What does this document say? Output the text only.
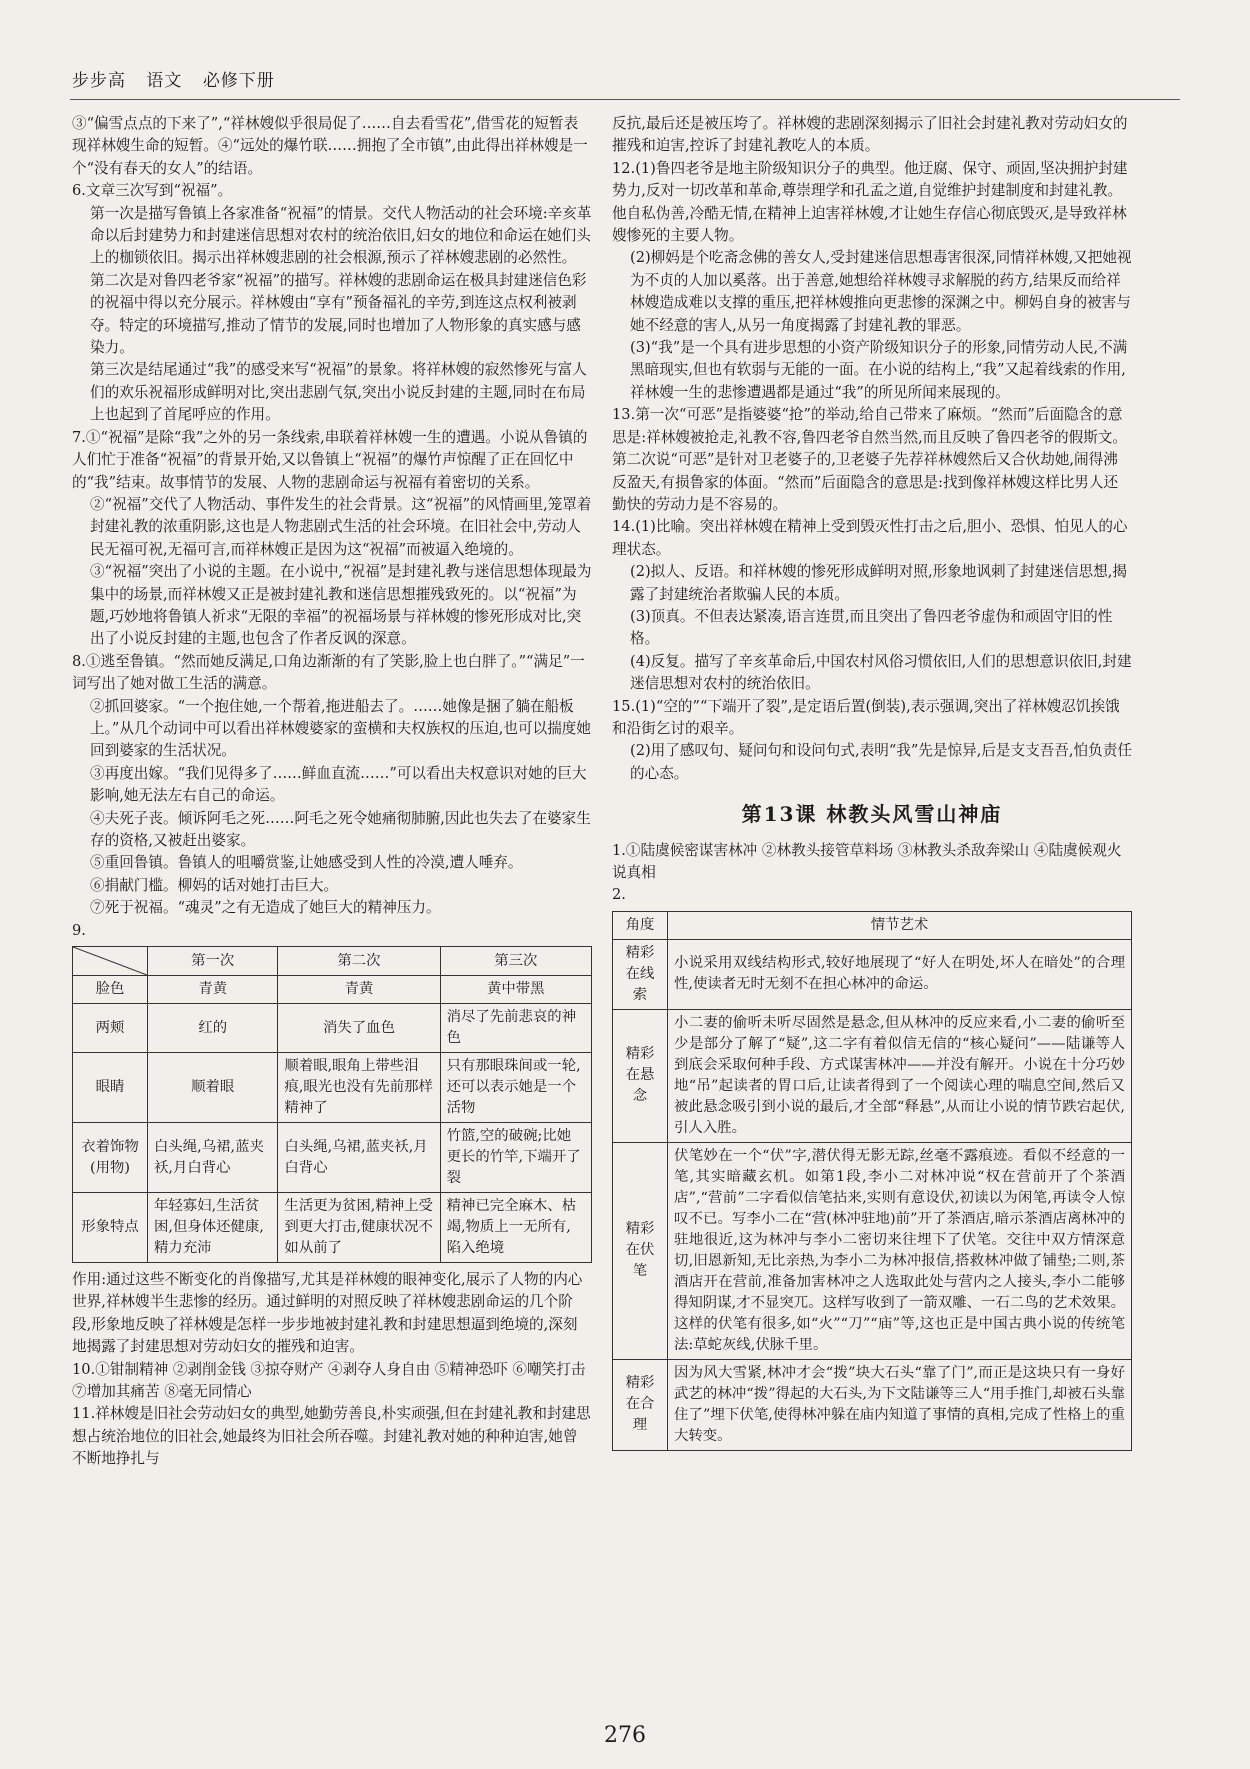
步步高 语文 必修下册

③“偏雪点点的下来了”,“祥林嫂似乎很局促了……自去看雪花”,借雪花的短暂表现祥林嫂生命的短暂。④“远处的爆竹联……拥抱了全市镇”,由此得出祥林嫂是一个“没有春天的女人”的结语。

6.文章三次写到“祝福”。

第一次是描写鲁镇上各家准备“祝福”的情景。交代人物活动的社会环境:辛亥革命以后封建势力和封建迷信思想对农村的统治依旧,妇女的地位和命运在她们头上的枷锁依旧。揭示出祥林嫂悲剧的社会根源,预示了祥林嫂悲剧的必然性。

第二次是对鲁四老爷家“祝福”的描写。祥林嫂的悲剧命运在极具封建迷信色彩的祝福中得以充分展示。祥林嫂由“享有”预备福礼的辛劳,到连这点权利被剥夺。特定的环境描写,推动了情节的发展,同时也增加了人物形象的真实感与感染力。

第三次是结尾通过“我”的感受来写“祝福”的景象。将祥林嫂的寂然惨死与富人们的欢乐祝福形成鲜明对比,突出悲剧气氛,突出小说反封建的主题,同时在布局上也起到了首尾呼应的作用。

7.①“祝福”是除“我”之外的另一条线索,串联着祥林嫂一生的遭遇。小说从鲁镇的人们忙于准备“祝福”的背景开始,又以鲁镇上“祝福”的爆竹声惊醒了正在回忆中的“我”结束。故事情节的发展、人物的悲剧命运与祝福有着密切的关系。

②“祝福”交代了人物活动、事件发生的社会背景。这“祝福”的风情画里,笼罩着封建礼教的浓重阴影,这也是人物悲剧式生活的社会环境。在旧社会中,劳动人民无福可祝,无福可言,而祥林嫂正是因为这“祝福”而被逼入绝境的。

③“祝福”突出了小说的主题。在小说中,“祝福”是封建礼教与迷信思想体现最为集中的场景,而祥林嫂又正是被封建礼教和迷信思想摧残致死的。以“祝福”为题,巧妙地将鲁镇人祈求“无限的幸福”的祝福场景与祥林嫂的惨死形成对比,突出了小说反封建的主题,也包含了作者反讽的深意。

8.①逃至鲁镇。“然而她反满足,口角边渐渐的有了笑影,脸上也白胖了。”“满足”一词写出了她对做工生活的满意。

②抓回婆家。“一个抱住她,一个帮着,拖进船去了。……她像是捆了躺在船板上。”从几个动词中可以看出祥林嫂婆家的蛮横和夫权族权的压迫,也可以揣度她回到婆家的生活状况。

③再度出嫁。“我们见得多了……鲜血直流……”可以看出夫权意识对她的巨大影响,她无法左右自己的命运。

④夫死子丧。倾诉阿毛之死……阿毛之死令她痛彻肺腑,因此也失去了在婆家生存的资格,又被赶出婆家。

⑤重回鲁镇。鲁镇人的咀嚼赏鉴,让她感受到人性的冷漠,遭人唾弃。

⑥捐献门槛。柳妈的话对她打击巨大。

⑦死于祝福。“魂灵”之有无造成了她巨大的精神压力。

9.

	第一次	第二次	第三次
脸色	青黄	青黄	黄中带黑
两颊	红的	消失了血色	消尽了先前悲哀的神色
眼睛	顺着眼	顺着眼,眼角上带些泪痕,眼光也没有先前那样精神了	只有那眼珠间或一轮,还可以表示她是一个活物
衣着饰物(用物)	白头绳,乌裙,蓝夹袄,月白背心	白头绳,乌裙,蓝夹袄,月白背心	竹篮,空的破碗;比她更长的竹竿,下端开了裂
形象特点	年轻寡妇,生活贫困,但身体还健康,精力充沛	生活更为贫困,精神上受到更大打击,健康状况不如从前了	精神已完全麻木、枯竭,物质上一无所有,陷入绝境

作用:通过这些不断变化的肖像描写,尤其是祥林嫂的眼神变化,展示了人物的内心世界,祥林嫂半生悲惨的经历。通过鲜明的对照反映了祥林嫂悲剧命运的几个阶段,形象地反映了祥林嫂是怎样一步步地被封建礼教和封建思想逼到绝境的,深刻地揭露了封建思想对劳动妇女的摧残和迫害。

10.①钳制精神 ②剥削金钱 ③掠夺财产 ④剥夺人身自由 ⑤精神恐吓 ⑥嘲笑打击 ⑦增加其痛苦 ⑧毫无同情心

11.祥林嫂是旧社会劳动妇女的典型,她勤劳善良,朴实顽强,但在封建礼教和封建思想占统治地位的旧社会,她最终为旧社会所吞噬。封建礼教对她的种种迫害,她曾不断地挣扎与

反抗,最后还是被压垮了。祥林嫂的悲剧深刻揭示了旧社会封建礼教对劳动妇女的摧残和迫害,控诉了封建礼教吃人的本质。

12.(1)鲁四老爷是地主阶级知识分子的典型。他迂腐、保守、顽固,坚决拥护封建势力,反对一切改革和革命,尊崇理学和孔孟之道,自觉维护封建制度和封建礼教。他自私伪善,冷酷无情,在精神上迫害祥林嫂,才让她生存信心彻底毁灭,是导致祥林嫂惨死的主要人物。

(2)柳妈是个吃斋念佛的善女人,受封建迷信思想毒害很深,同情祥林嫂,又把她视为不贞的人加以奚落。出于善意,她想给祥林嫂寻求解脱的药方,结果反而给祥林嫂造成难以支撑的重压,把祥林嫂推向更悲惨的深渊之中。柳妈自身的被害与她不经意的害人,从另一角度揭露了封建礼教的罪恶。

(3)“我”是一个具有进步思想的小资产阶级知识分子的形象,同情劳动人民,不满黑暗现实,但也有软弱与无能的一面。在小说的结构上,“我”又起着线索的作用,祥林嫂一生的悲惨遭遇都是通过“我”的所见所闻来展现的。

13.第一次“可恶”是指婆婆“抢”的举动,给自己带来了麻烦。“然而”后面隐含的意思是:祥林嫂被抢走,礼教不容,鲁四老爷自然当然,而且反映了鲁四老爷的假斯文。第二次说“可恶”是针对卫老婆子的,卫老婆子先荐祥林嫂然后又合伙劫她,闹得沸反盈天,有损鲁家的体面。“然而”后面隐含的意思是:找到像祥林嫂这样比男人还勤快的劳动力是不容易的。

14.(1)比喻。突出祥林嫂在精神上受到毁灭性打击之后,胆小、恐惧、怕见人的心理状态。

(2)拟人、反语。和祥林嫂的惨死形成鲜明对照,形象地讽刺了封建迷信思想,揭露了封建统治者欺骗人民的本质。

(3)顶真。不但表达紧凑,语言连贯,而且突出了鲁四老爷虚伪和顽固守旧的性格。

(4)反复。描写了辛亥革命后,中国农村风俗习惯依旧,人们的思想意识依旧,封建迷信思想对农村的统治依旧。

15.(1)“空的”“下端开了裂”,是定语后置(倒装),表示强调,突出了祥林嫂忍饥挨饿和沿街乞讨的艰辛。

(2)用了感叹句、疑问句和设问句式,表明“我”先是惊异,后是支支吾吾,怕负责任的心态。

第13课 林教头风雪山神庙

1.①陆虞候密谋害林冲 ②林教头接管草料场 ③林教头杀敌奔梁山 ④陆虞候观火说真相

2.

角度	情节艺术
精彩在线索	小说采用双线结构形式,较好地展现了“好人在明处,坏人在暗处”的合理性,使读者无时无刻不在担心林冲的命运。
精彩在悬念	小二妻的偷听未听尽固然是悬念,但从林冲的反应来看,小二妻的偷听至少是部分了解了“疑”,这二字有着似信无信的“核心疑问”——陆谦等人到底会采取何种手段、方式谋害林冲——并没有解开。小说在十分巧妙地“吊”起读者的胃口后,让读者得到了一个阅读心理的喘息空间,然后又被此悬念吸引到小说的最后,才全部“释悬”,从而让小说的情节跌宕起伏,引人入胜。
精彩在伏笔	伏笔妙在一个“伏”字,潜伏得无影无踪,丝毫不露痕迹。看似不经意的一笔,其实暗藏玄机。如第1段,李小二对林冲说“权在营前开了个茶酒店”,“营前”二字看似信笔拈来,实则有意设伏,初读以为闲笔,再读令人惊叹不已。写李小二在“营(林冲驻地)前”开了茶酒店,暗示茶酒店离林冲的驻地很近,这为林冲与李小二密切来往埋下了伏笔。交往中双方情深意切,旧恩新知,无比亲热,为李小二为林冲报信,搭救林冲做了铺垫;二则,茶酒店开在营前,准备加害林冲之人选取此处与营内之人接头,李小二能够得知阴谋,才不显突兀。这样写收到了一箭双雕、一石二鸟的艺术效果。这样的伏笔有很多,如“火”“刀”“庙”等,这也正是中国古典小说的传统笔法:草蛇灰线,伏脉千里。
精彩在合理	因为风大雪紧,林冲才会“拨”块大石头“靠了门”,而正是这块只有一身好武艺的林冲“拨”得起的大石头,为下文陆谦等三人“用手推门,却被石头靠住了”埋下伏笔,使得林冲躲在庙内知道了事情的真相,完成了性格上的重大转变。
276
